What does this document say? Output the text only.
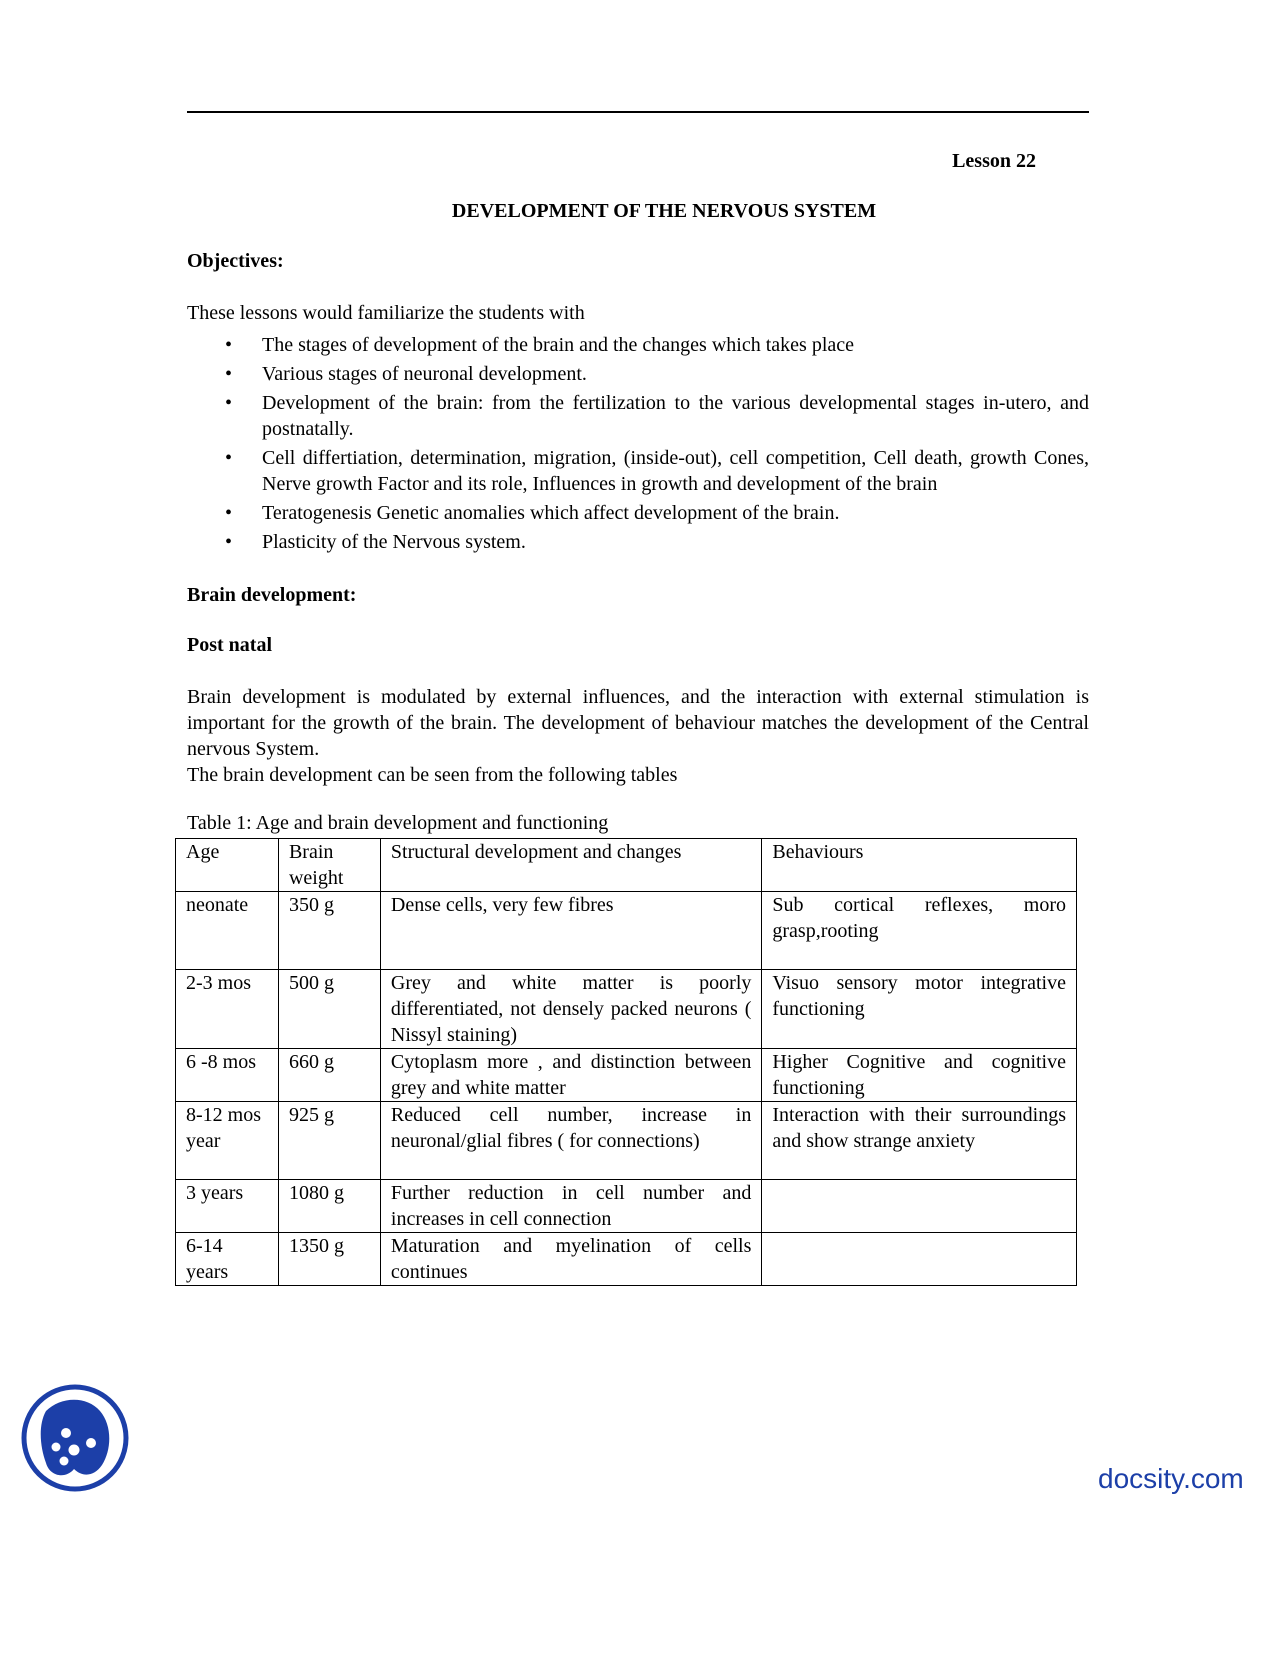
Lesson 22
DEVELOPMENT OF THE NERVOUS SYSTEM
Objectives:
These lessons would familiarize the students with
• The stages of development of the brain and the changes which takes place
• Various stages of neuronal development.
• Development of the brain: from the fertilization to the various developmental stages in-utero, and postnatally.
• Cell differtiation, determination, migration, (inside-out), cell competition, Cell death, growth Cones, Nerve growth Factor and its role, Influences in growth and development of the brain
• Teratogenesis Genetic anomalies which affect development of the brain.
• Plasticity of the Nervous system.
Brain development:
Post natal
Brain development is modulated by external influences, and the interaction with external stimulation is important for the growth of the brain. The development of behaviour matches the development of the Central nervous System.
The brain development can be seen from the following tables
Table 1: Age and brain development and functioning
Age	Brain weight	Structural development and changes	Behaviours
neonate	350 g	Dense cells, very few fibres	Sub cortical reflexes, moro grasp,rooting
2-3 mos	500 g	Grey and white matter is poorly differentiated, not densely packed neurons ( Nissyl staining)	Visuo sensory motor integrative functioning
6 -8 mos	660 g	Cytoplasm more , and distinction between grey and white matter	Higher Cognitive and cognitive functioning
8-12 mos year	925 g	Reduced cell number, increase in neuronal/glial fibres ( for connections)	Interaction with their surroundings and show strange anxiety
3 years	1080 g	Further reduction in cell number and increases in cell connection	
6-14 years	1350 g	Maturation and myelination of cells continues	
docsity.com
